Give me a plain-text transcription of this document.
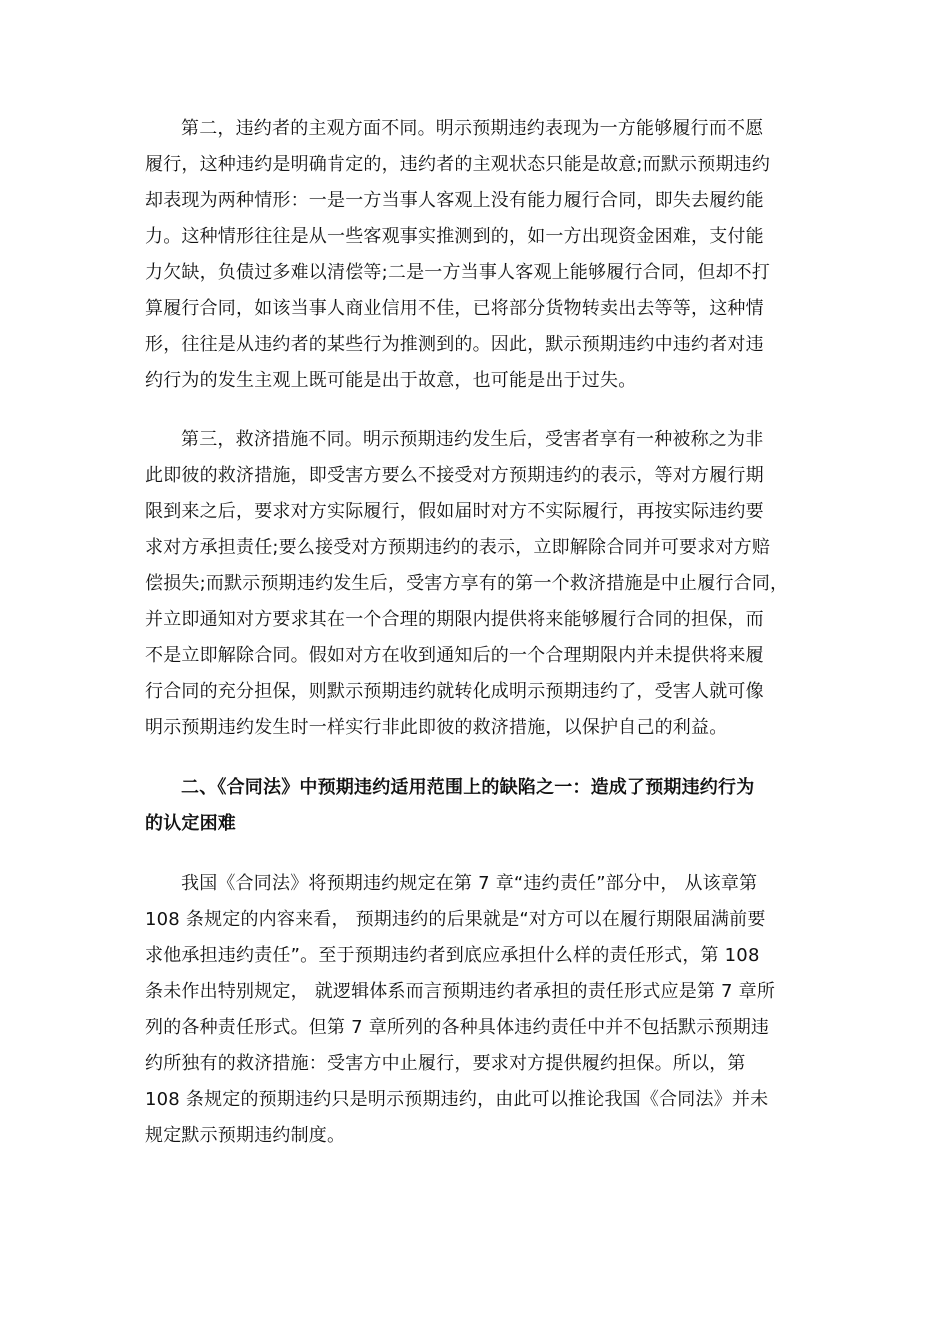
第二，违约者的主观方面不同。明示预期违约表现为一方能够履行而不愿
履行，这种违约是明确肯定的，违约者的主观状态只能是故意;而默示预期违约
却表现为两种情形：一是一方当事人客观上没有能力履行合同，即失去履约能
力。这种情形往往是从一些客观事实推测到的，如一方出现资金困难，支付能
力欠缺，负债过多难以清偿等;二是一方当事人客观上能够履行合同，但却不打
算履行合同，如该当事人商业信用不佳，已将部分货物转卖出去等等，这种情
形，往往是从违约者的某些行为推测到的。因此，默示预期违约中违约者对违
约行为的发生主观上既可能是出于故意，也可能是出于过失。
第三，救济措施不同。明示预期违约发生后，受害者享有一种被称之为非
此即彼的救济措施，即受害方要么不接受对方预期违约的表示，等对方履行期
限到来之后，要求对方实际履行，假如届时对方不实际履行，再按实际违约要
求对方承担责任;要么接受对方预期违约的表示，立即解除合同并可要求对方赔
偿损失;而默示预期违约发生后，受害方享有的第一个救济措施是中止履行合同，
并立即通知对方要求其在一个合理的期限内提供将来能够履行合同的担保，而
不是立即解除合同。假如对方在收到通知后的一个合理期限内并未提供将来履
行合同的充分担保，则默示预期违约就转化成明示预期违约了，受害人就可像
明示预期违约发生时一样实行非此即彼的救济措施，以保护自己的利益。
二、《合同法》中预期违约适用范围上的缺陷之一：造成了预期违约行为
的认定困难
我国《合同法》将预期违约规定在第 7 章“违约责任”部分中， 从该章第
108 条规定的内容来看， 预期违约的后果就是“对方可以在履行期限届满前要
求他承担违约责任”。至于预期违约者到底应承担什么样的责任形式，第 108
条未作出特别规定， 就逻辑体系而言预期违约者承担的责任形式应是第 7 章所
列的各种责任形式。但第 7 章所列的各种具体违约责任中并不包括默示预期违
约所独有的救济措施：受害方中止履行，要求对方提供履约担保。所以，第
108 条规定的预期违约只是明示预期违约，由此可以推论我国《合同法》并未
规定默示预期违约制度。
